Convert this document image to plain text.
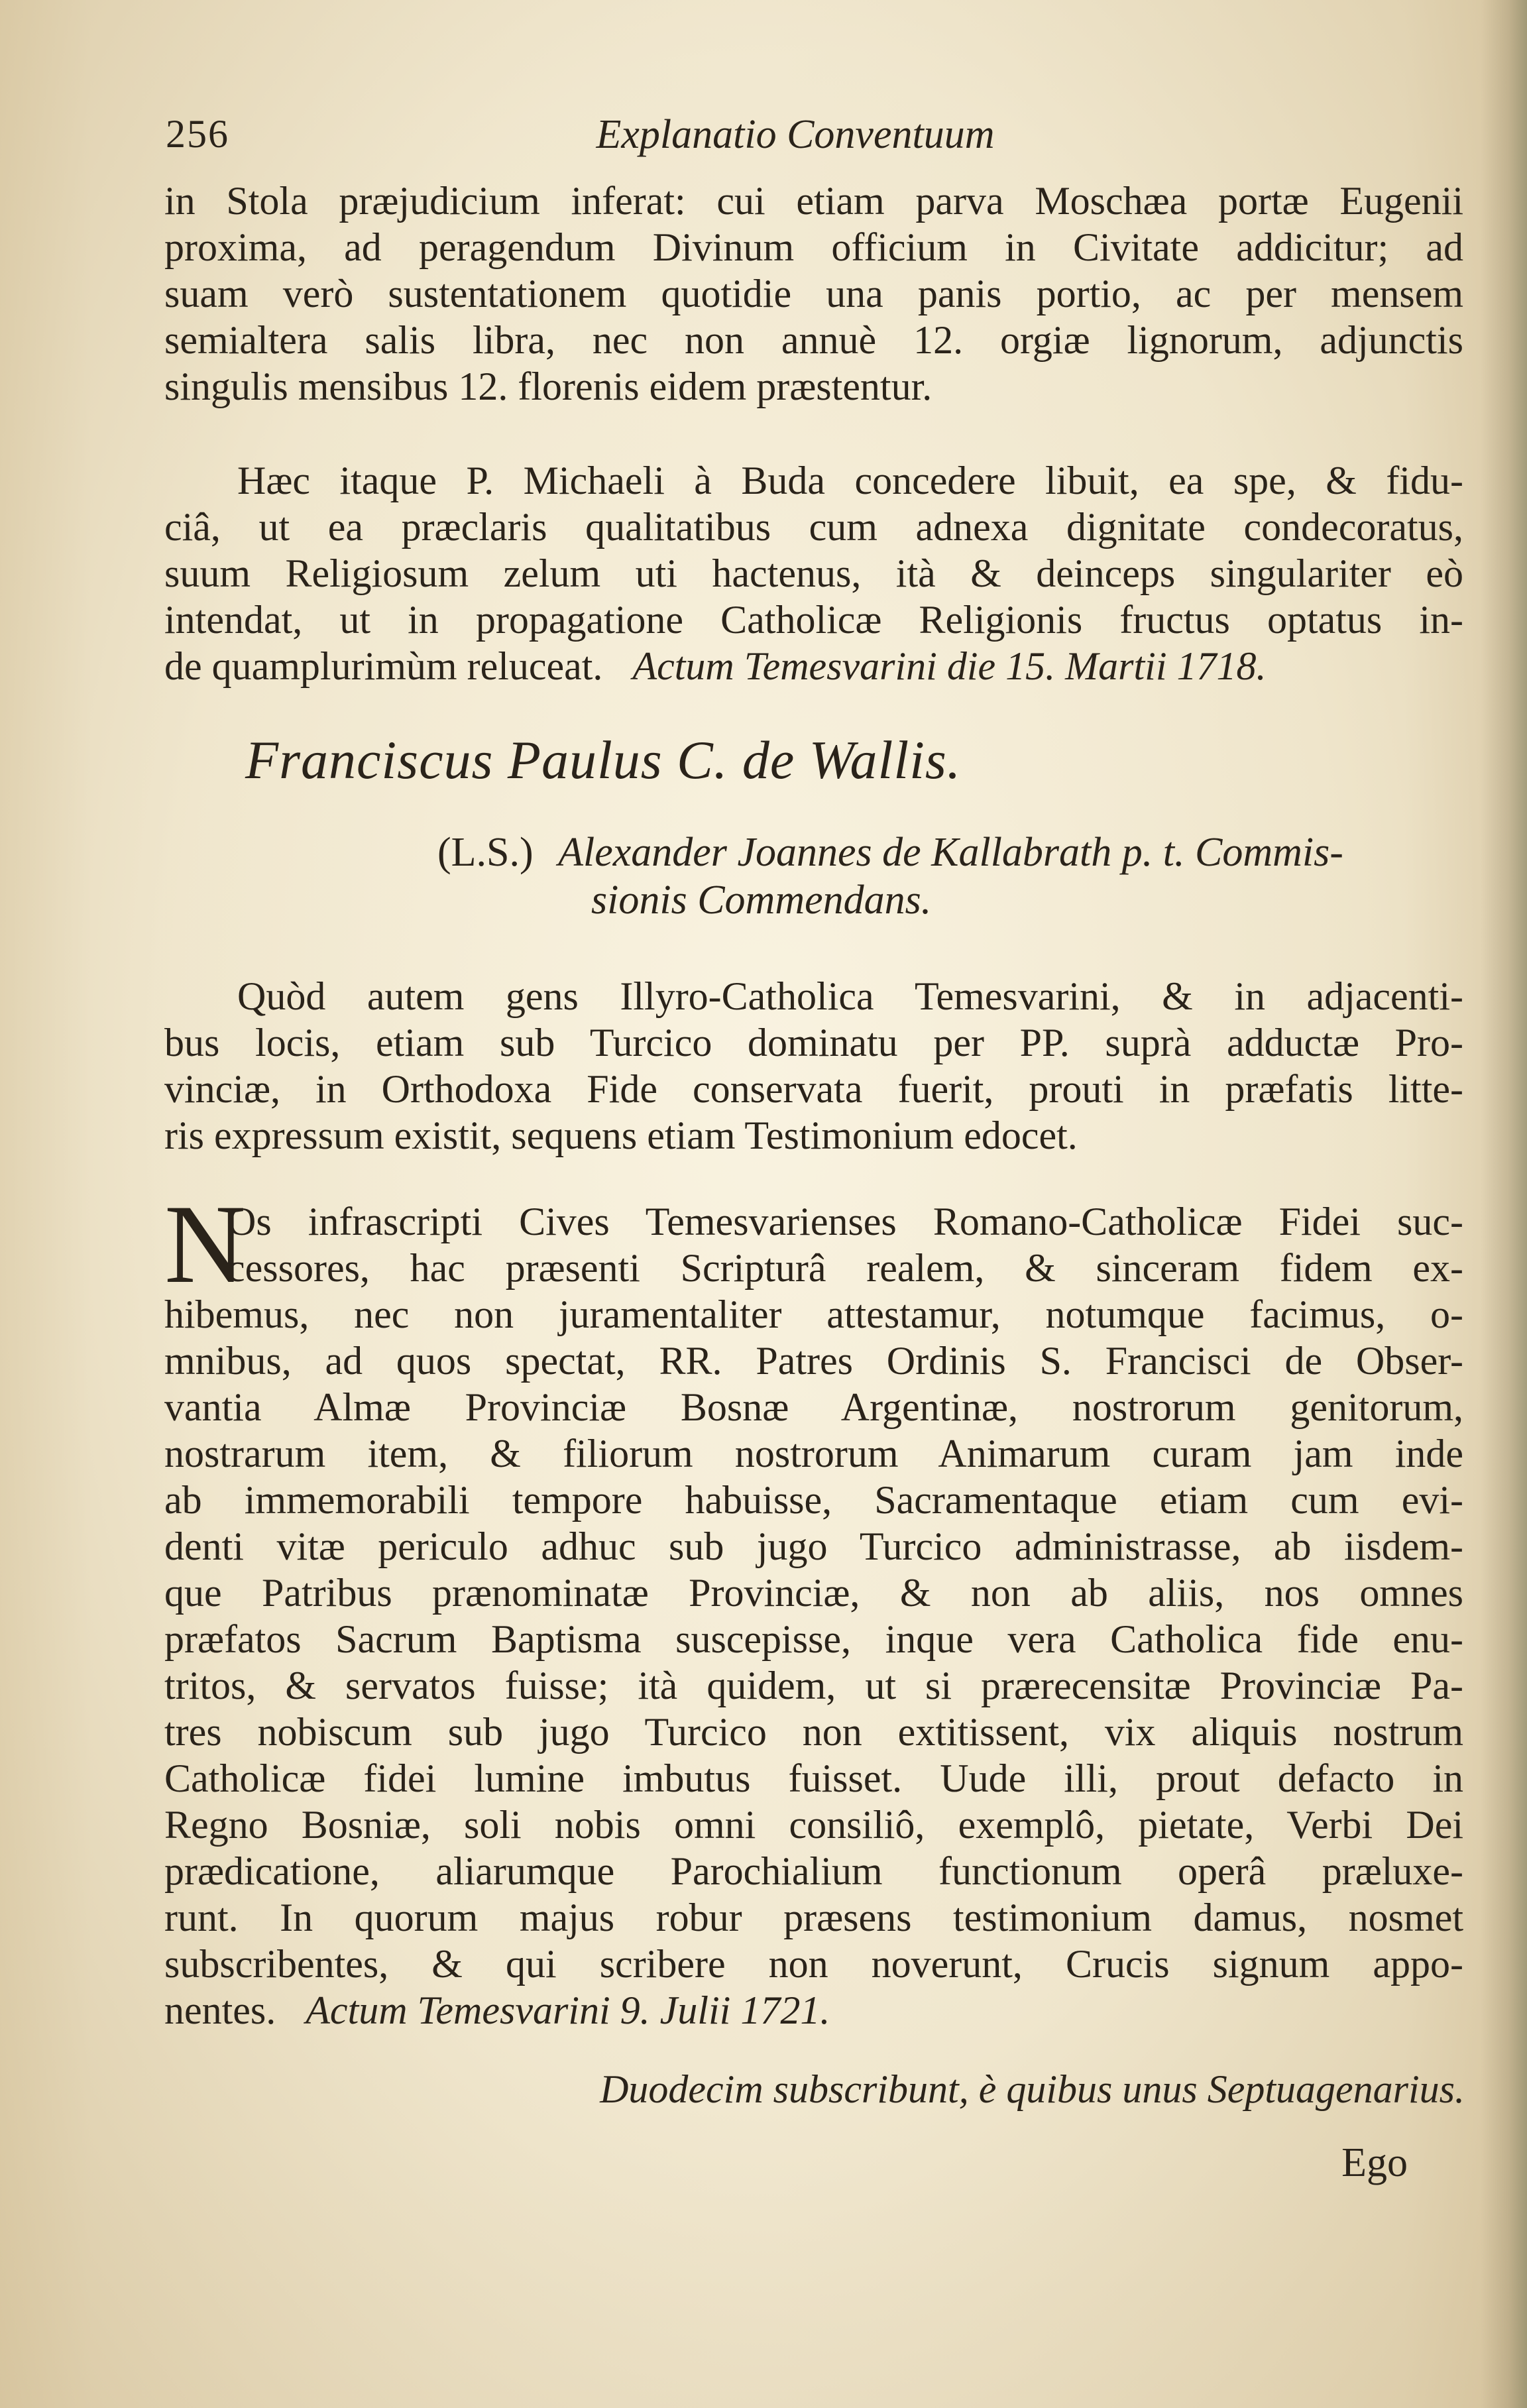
256	Explanatio Conventuum
in Stola præjudicium inferat: cui etiam parva Moschæa portæ Eugenii
proxima, ad peragendum Divinum officium in Civitate addicitur; ad
suam verò sustentationem quotidie una panis portio, ac per mensem
semialtera salis libra, nec non annuè 12. orgiæ lignorum, adjunctis
singulis mensibus 12. florenis eidem præstentur.
Hæc itaque P. Michaeli à Buda concedere libuit, ea spe, & fidu-
ciâ, ut ea præclaris qualitatibus cum adnexa dignitate condecoratus,
suum Religiosum zelum uti hactenus, ità & deinceps singulariter eò
intendat, ut in propagatione Catholicæ Religionis fructus optatus in-
de quamplurimùm reluceat. Actum Temesvarini die 15. Martii 1718.
Franciscus Paulus C. de Wallis.
(L.S.) Alexander Joannes de Kallabrath p. t. Commis-
sionis Commendans.
Quòd autem gens Illyro-Catholica Temesvarini, & in adjacenti-
bus locis, etiam sub Turcico dominatu per PP. suprà adductæ Pro-
vinciæ, in Orthodoxa Fide conservata fuerit, prouti in præfatis litte-
ris expressum existit, sequens etiam Testimonium edocet.
N
Os infrascripti Cives Temesvarienses Romano-Catholicæ Fidei suc-
cessores, hac præsenti Scripturâ realem, & sinceram fidem ex-
hibemus, nec non juramentaliter attestamur, notumque facimus, o-
mnibus, ad quos spectat, RR. Patres Ordinis S. Francisci de Obser-
vantia Almæ Provinciæ Bosnæ Argentinæ, nostrorum genitorum,
nostrarum item, & filiorum nostrorum Animarum curam jam inde
ab immemorabili tempore habuisse, Sacramentaque etiam cum evi-
denti vitæ periculo adhuc sub jugo Turcico administrasse, ab iisdem-
que Patribus prænominatæ Provinciæ, & non ab aliis, nos omnes
præfatos Sacrum Baptisma suscepisse, inque vera Catholica fide enu-
tritos, & servatos fuisse; ità quidem, ut si prærecensitæ Provinciæ Pa-
tres nobiscum sub jugo Turcico non extitissent, vix aliquis nostrum
Catholicæ fidei lumine imbutus fuisset. Uude illi, prout defacto in
Regno Bosniæ, soli nobis omni consiliô, exemplô, pietate, Verbi Dei
prædicatione, aliarumque Parochialium functionum operâ præluxe-
runt. In quorum majus robur præsens testimonium damus, nosmet
subscribentes, & qui scribere non noverunt, Crucis signum appo-
nentes. Actum Temesvarini 9. Julii 1721.
Duodecim subscribunt, è quibus unus Septuagenarius.
Ego
